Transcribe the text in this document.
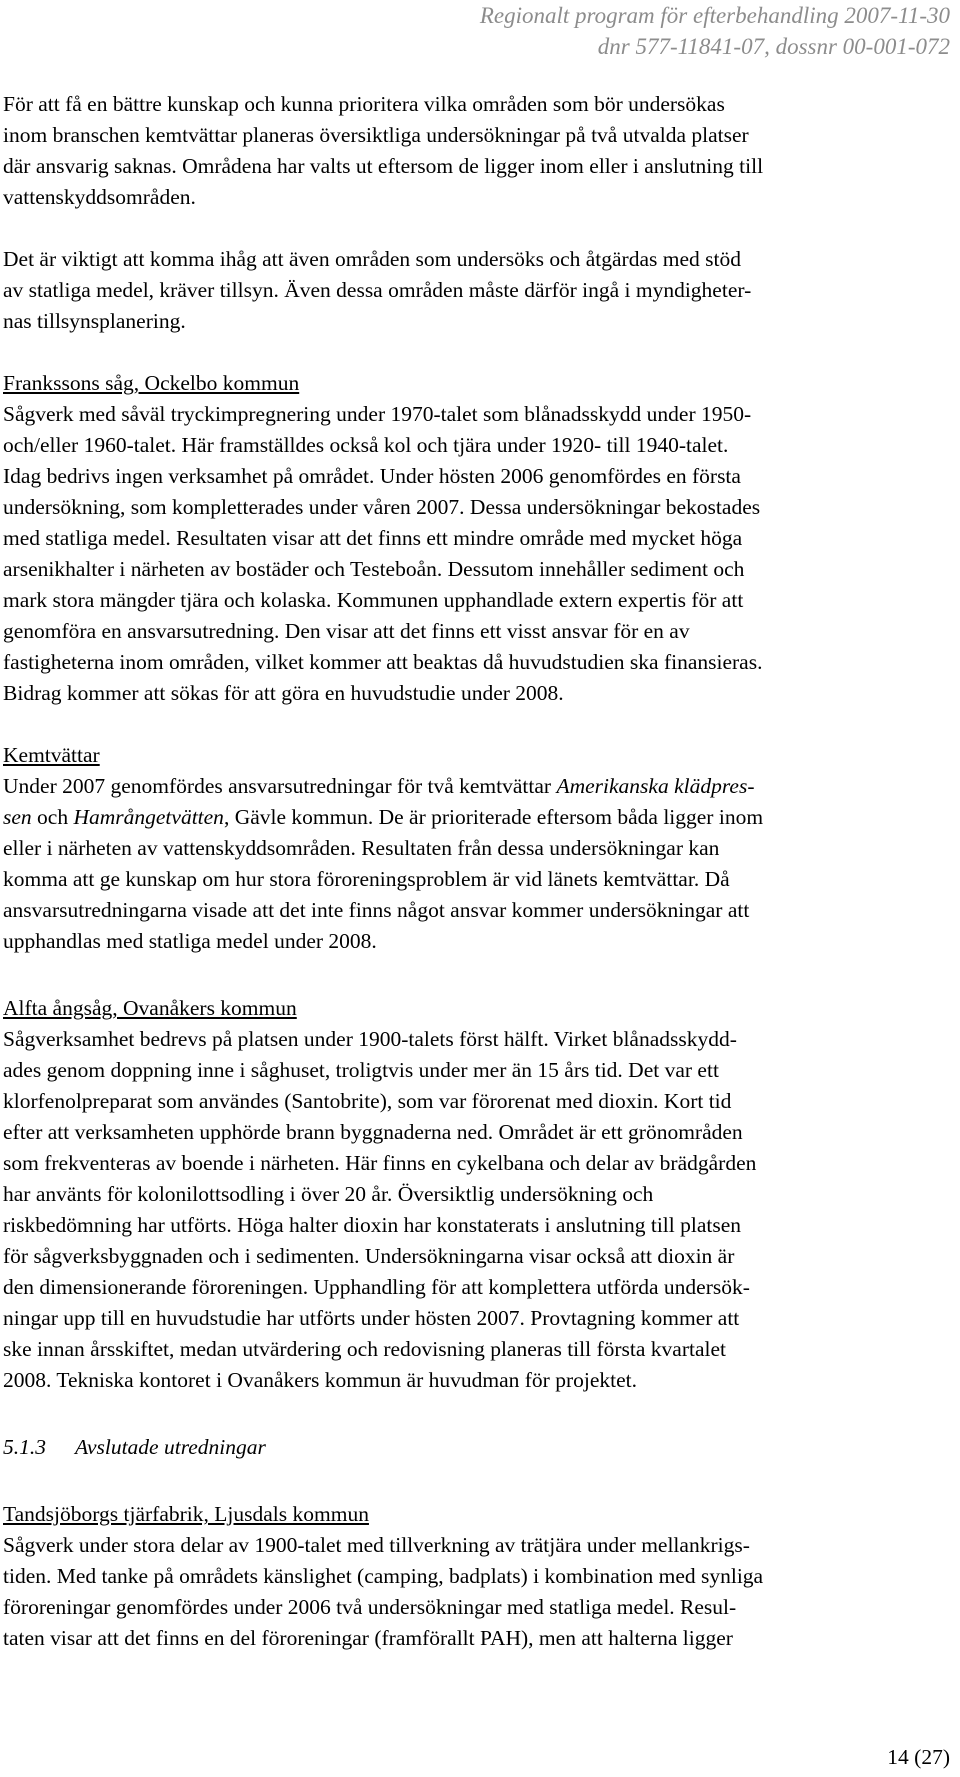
Regionalt program för efterbehandling 2007-11-30
dnr 577-11841-07, dossnr 00-001-072

För att få en bättre kunskap och kunna prioritera vilka områden som bör undersökas
inom branschen kemtvättar planeras översiktliga undersökningar på två utvalda platser
där ansvarig saknas. Områdena har valts ut eftersom de ligger inom eller i anslutning till
vattenskyddsområden.

Det är viktigt att komma ihåg att även områden som undersöks och åtgärdas med stöd
av statliga medel, kräver tillsyn. Även dessa områden måste därför ingå i myndigheter-
nas tillsynsplanering.

Frankssons såg, Ockelbo kommun

Sågverk med såväl tryckimpregnering under 1970-talet som blånadsskydd under 1950-
och/eller 1960-talet. Här framställdes också kol och tjära under 1920- till 1940-talet.
Idag bedrivs ingen verksamhet på området. Under hösten 2006 genomfördes en första
undersökning, som kompletterades under våren 2007. Dessa undersökningar bekostades
med statliga medel. Resultaten visar att det finns ett mindre område med mycket höga
arsenikhalter i närheten av bostäder och Testeboån. Dessutom innehåller sediment och
mark stora mängder tjära och kolaska. Kommunen upphandlade extern expertis för att
genomföra en ansvarsutredning. Den visar att det finns ett visst ansvar för en av
fastigheterna inom områden, vilket kommer att beaktas då huvudstudien ska finansieras.
Bidrag kommer att sökas för att göra en huvudstudie under 2008.

Kemtvättar

Under 2007 genomfördes ansvarsutredningar för två kemtvättar Amerikanska klädpres-
sen och Hamrångetvätten, Gävle kommun. De är prioriterade eftersom båda ligger inom
eller i närheten av vattenskyddsområden. Resultaten från dessa undersökningar kan
komma att ge kunskap om hur stora föroreningsproblem är vid länets kemtvättar. Då
ansvarsutredningarna visade att det inte finns något ansvar kommer undersökningar att
upphandlas med statliga medel under 2008.

Alfta ångsåg, Ovanåkers kommun

Sågverksamhet bedrevs på platsen under 1900-talets först hälft. Virket blånadsskydd-
ades genom doppning inne i såghuset, troligtvis under mer än 15 års tid. Det var ett
klorfenolpreparat som användes (Santobrite), som var förorenat med dioxin. Kort tid
efter att verksamheten upphörde brann byggnaderna ned. Området är ett grönområden
som frekventeras av boende i närheten. Här finns en cykelbana och delar av brädgården
har använts för kolonilottsodling i över 20 år. Översiktlig undersökning och
riskbedömning har utförts. Höga halter dioxin har konstaterats i anslutning till platsen
för sågverksbyggnaden och i sedimenten. Undersökningarna visar också att dioxin är
den dimensionerande föroreningen. Upphandling för att komplettera utförda undersök-
ningar upp till en huvudstudie har utförts under hösten 2007. Provtagning kommer att
ske innan årsskiftet, medan utvärdering och redovisning planeras till första kvartalet
2008. Tekniska kontoret i Ovanåkers kommun är huvudman för projektet.

5.1.3 Avslutade utredningar

Tandsjöborgs tjärfabrik, Ljusdals kommun

Sågverk under stora delar av 1900-talet med tillverkning av trätjära under mellankrigs-
tiden. Med tanke på områdets känslighet (camping, badplats) i kombination med synliga
föroreningar genomfördes under 2006 två undersökningar med statliga medel. Resul-
taten visar att det finns en del föroreningar (framförallt PAH), men att halterna ligger

14 (27)
